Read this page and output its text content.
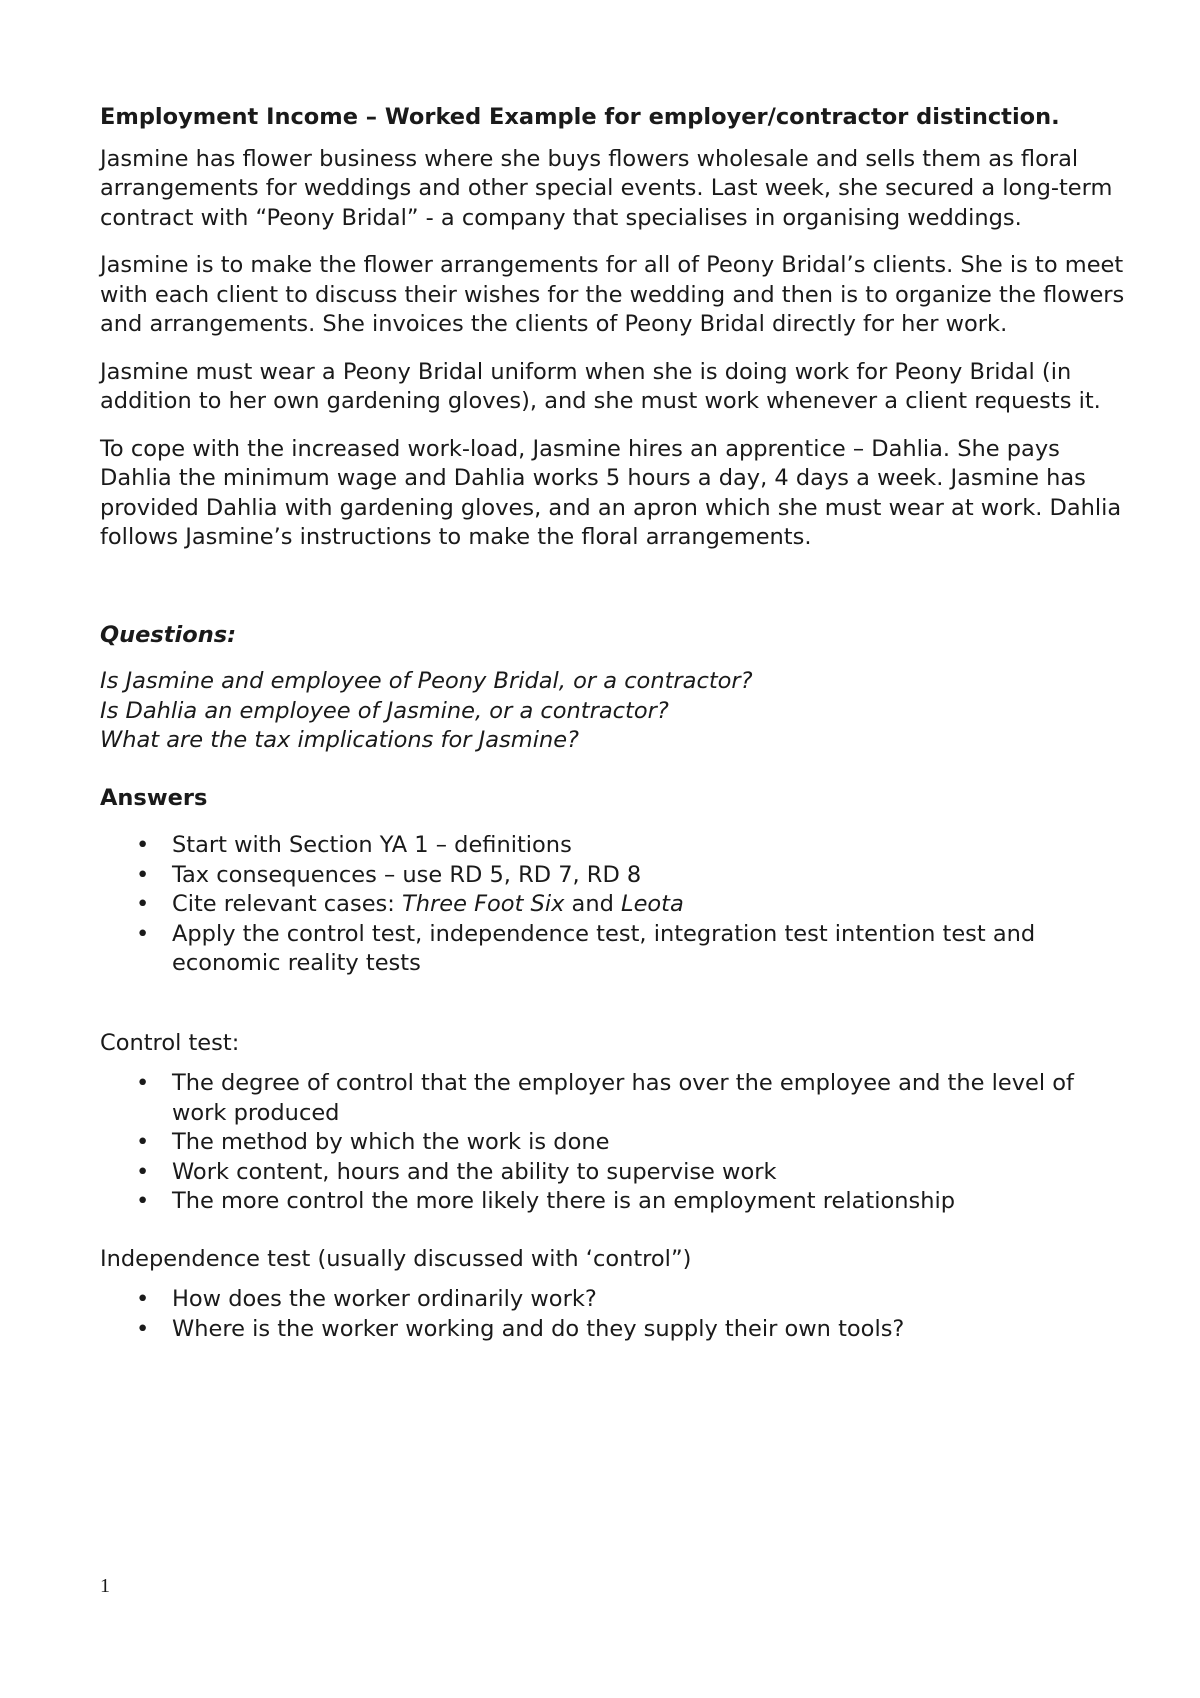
Employment Income – Worked Example for employer/contractor distinction.

Jasmine has flower business where she buys flowers wholesale and sells them as floral arrangements for weddings and other special events. Last week, she secured a long-term contract with “Peony Bridal” - a company that specialises in organising weddings.

Jasmine is to make the flower arrangements for all of Peony Bridal’s clients. She is to meet with each client to discuss their wishes for the wedding and then is to organize the flowers and arrangements. She invoices the clients of Peony Bridal directly for her work.

Jasmine must wear a Peony Bridal uniform when she is doing work for Peony Bridal (in addition to her own gardening gloves), and she must work whenever a client requests it.

To cope with the increased work-load, Jasmine hires an apprentice – Dahlia. She pays Dahlia the minimum wage and Dahlia works 5 hours a day, 4 days a week. Jasmine has provided Dahlia with gardening gloves, and an apron which she must wear at work. Dahlia follows Jasmine’s instructions to make the floral arrangements.

Questions:
Is Jasmine and employee of Peony Bridal, or a contractor?
Is Dahlia an employee of Jasmine, or a contractor?
What are the tax implications for Jasmine?
Answers
• Start with Section YA 1 – definitions
• Tax consequences – use RD 5, RD 7, RD 8
• Cite relevant cases: Three Foot Six and Leota
• Apply the control test, independence test, integration test intention test and economic reality tests
Control test:
• The degree of control that the employer has over the employee and the level of work produced
• The method by which the work is done
• Work content, hours and the ability to supervise work
• The more control the more likely there is an employment relationship
Independence test (usually discussed with ‘control”)
• How does the worker ordinarily work?
• Where is the worker working and do they supply their own tools?
1
